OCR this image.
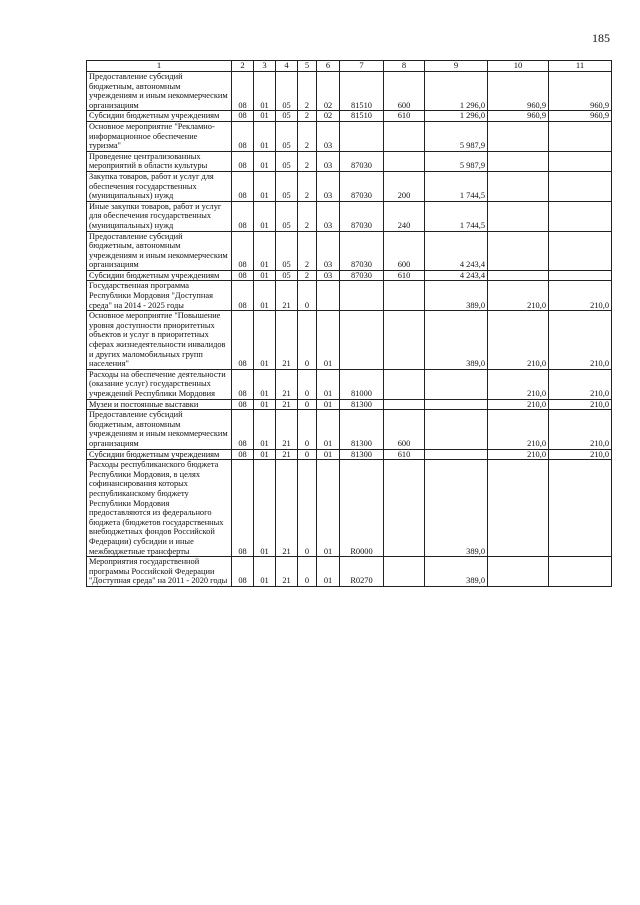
185
1	2	3	4	5	6	7	8	9	10	11
Предоставление субсидий бюджетным, автономным учреждениям и иным некоммерческим организациям	08	01	05	2	02	81510	600	1 296,0	960,9	960,9
Субсидии бюджетным учреждениям	08	01	05	2	02	81510	610	1 296,0	960,9	960,9
Основное мероприятие "Рекламно-информационное обеспечение туризма"	08	01	05	2	03			5 987,9		
Проведение централизованных мероприятий в области культуры	08	01	05	2	03	87030		5 987,9		
Закупка товаров, работ и услуг для обеспечения государственных (муниципальных) нужд	08	01	05	2	03	87030	200	1 744,5		
Иные закупки товаров, работ и услуг для обеспечения государственных (муниципальных) нужд	08	01	05	2	03	87030	240	1 744,5		
Предоставление субсидий бюджетным, автономным учреждениям и иным некоммерческим организациям	08	01	05	2	03	87030	600	4 243,4		
Субсидии бюджетным учреждениям	08	01	05	2	03	87030	610	4 243,4		
Государственная программа Республики Мордовия "Доступная среда" на 2014 - 2025 годы	08	01	21	0				389,0	210,0	210,0
Основное мероприятие "Повышение уровня доступности приоритетных объектов и услуг в приоритетных сферах жизнедеятельности инвалидов и других маломобильных групп населения"	08	01	21	0	01			389,0	210,0	210,0
Расходы на обеспечение деятельности (оказание услуг) государственных учреждений Республики Мордовия	08	01	21	0	01	81000			210,0	210,0
Музеи и постоянные выставки	08	01	21	0	01	81300			210,0	210,0
Предоставление субсидий бюджетным, автономным учреждениям и иным некоммерческим организациям	08	01	21	0	01	81300	600		210,0	210,0
Субсидии бюджетным учреждениям	08	01	21	0	01	81300	610		210,0	210,0
Расходы республиканского бюджета Республики Мордовия, в целях софинансирования которых республиканскому бюджету Республики Мордовия предоставляются из федерального бюджета (бюджетов государственных внебюджетных фондов Российской Федерации) субсидии и иные межбюджетные трансферты	08	01	21	0	01	R0000		389,0		
Мероприятия государственной программы Российской Федерации "Доступная среда" на 2011 - 2020 годы	08	01	21	0	01	R0270		389,0		
